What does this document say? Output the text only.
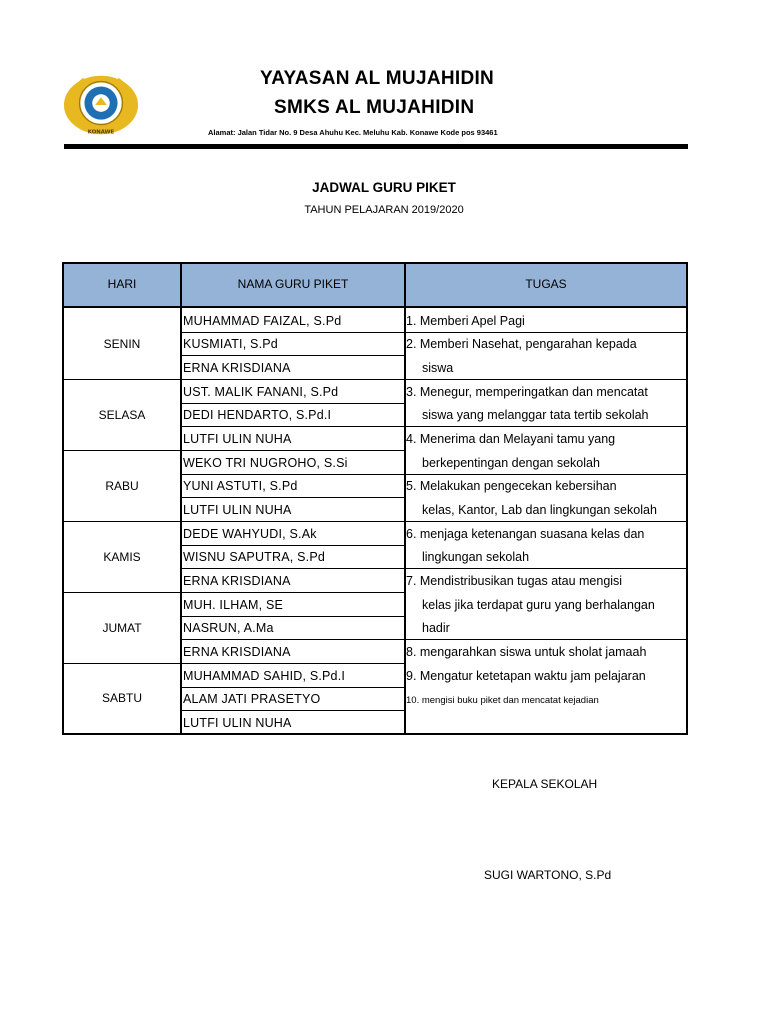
KONAWE
YAYASAN AL MUJAHIDIN
SMKS AL MUJAHIDIN
Alamat: Jalan Tidar No. 9 Desa Ahuhu Kec. Meluhu Kab. Konawe Kode pos 93461
JADWAL GURU PIKET
TAHUN PELAJARAN 2019/2020
HARI	NAMA GURU PIKET	TUGAS
SENIN
SELASA
RABU
KAMIS
JUMAT
SABTU
MUHAMMAD FAIZAL, S.Pd
KUSMIATI, S.Pd
ERNA KRISDIANA
UST. MALIK FANANI, S.Pd
DEDI HENDARTO, S.Pd.I
LUTFI ULIN NUHA
WEKO TRI NUGROHO, S.Si
YUNI ASTUTI, S.Pd
LUTFI ULIN NUHA
DEDE WAHYUDI, S.Ak
WISNU SAPUTRA, S.Pd
ERNA KRISDIANA
MUH. ILHAM, SE
NASRUN, A.Ma
ERNA KRISDIANA
MUHAMMAD SAHID, S.Pd.I
ALAM JATI PRASETYO
LUTFI ULIN NUHA
1. Memberi Apel Pagi
2. Memberi Nasehat, pengarahan kepada
siswa
3. Menegur, memperingatkan dan mencatat
siswa yang melanggar tata tertib sekolah
4. Menerima dan Melayani tamu yang
berkepentingan dengan sekolah
5. Melakukan pengecekan kebersihan
kelas, Kantor, Lab dan lingkungan sekolah
6. menjaga ketenangan suasana kelas dan
lingkungan sekolah
7. Mendistribusikan tugas atau mengisi
kelas jika terdapat guru yang berhalangan
hadir
8. mengarahkan siswa untuk sholat jamaah
9. Mengatur ketetapan waktu jam pelajaran
10. mengisi buku piket dan mencatat kejadian
KEPALA SEKOLAH
SUGI WARTONO, S.Pd
